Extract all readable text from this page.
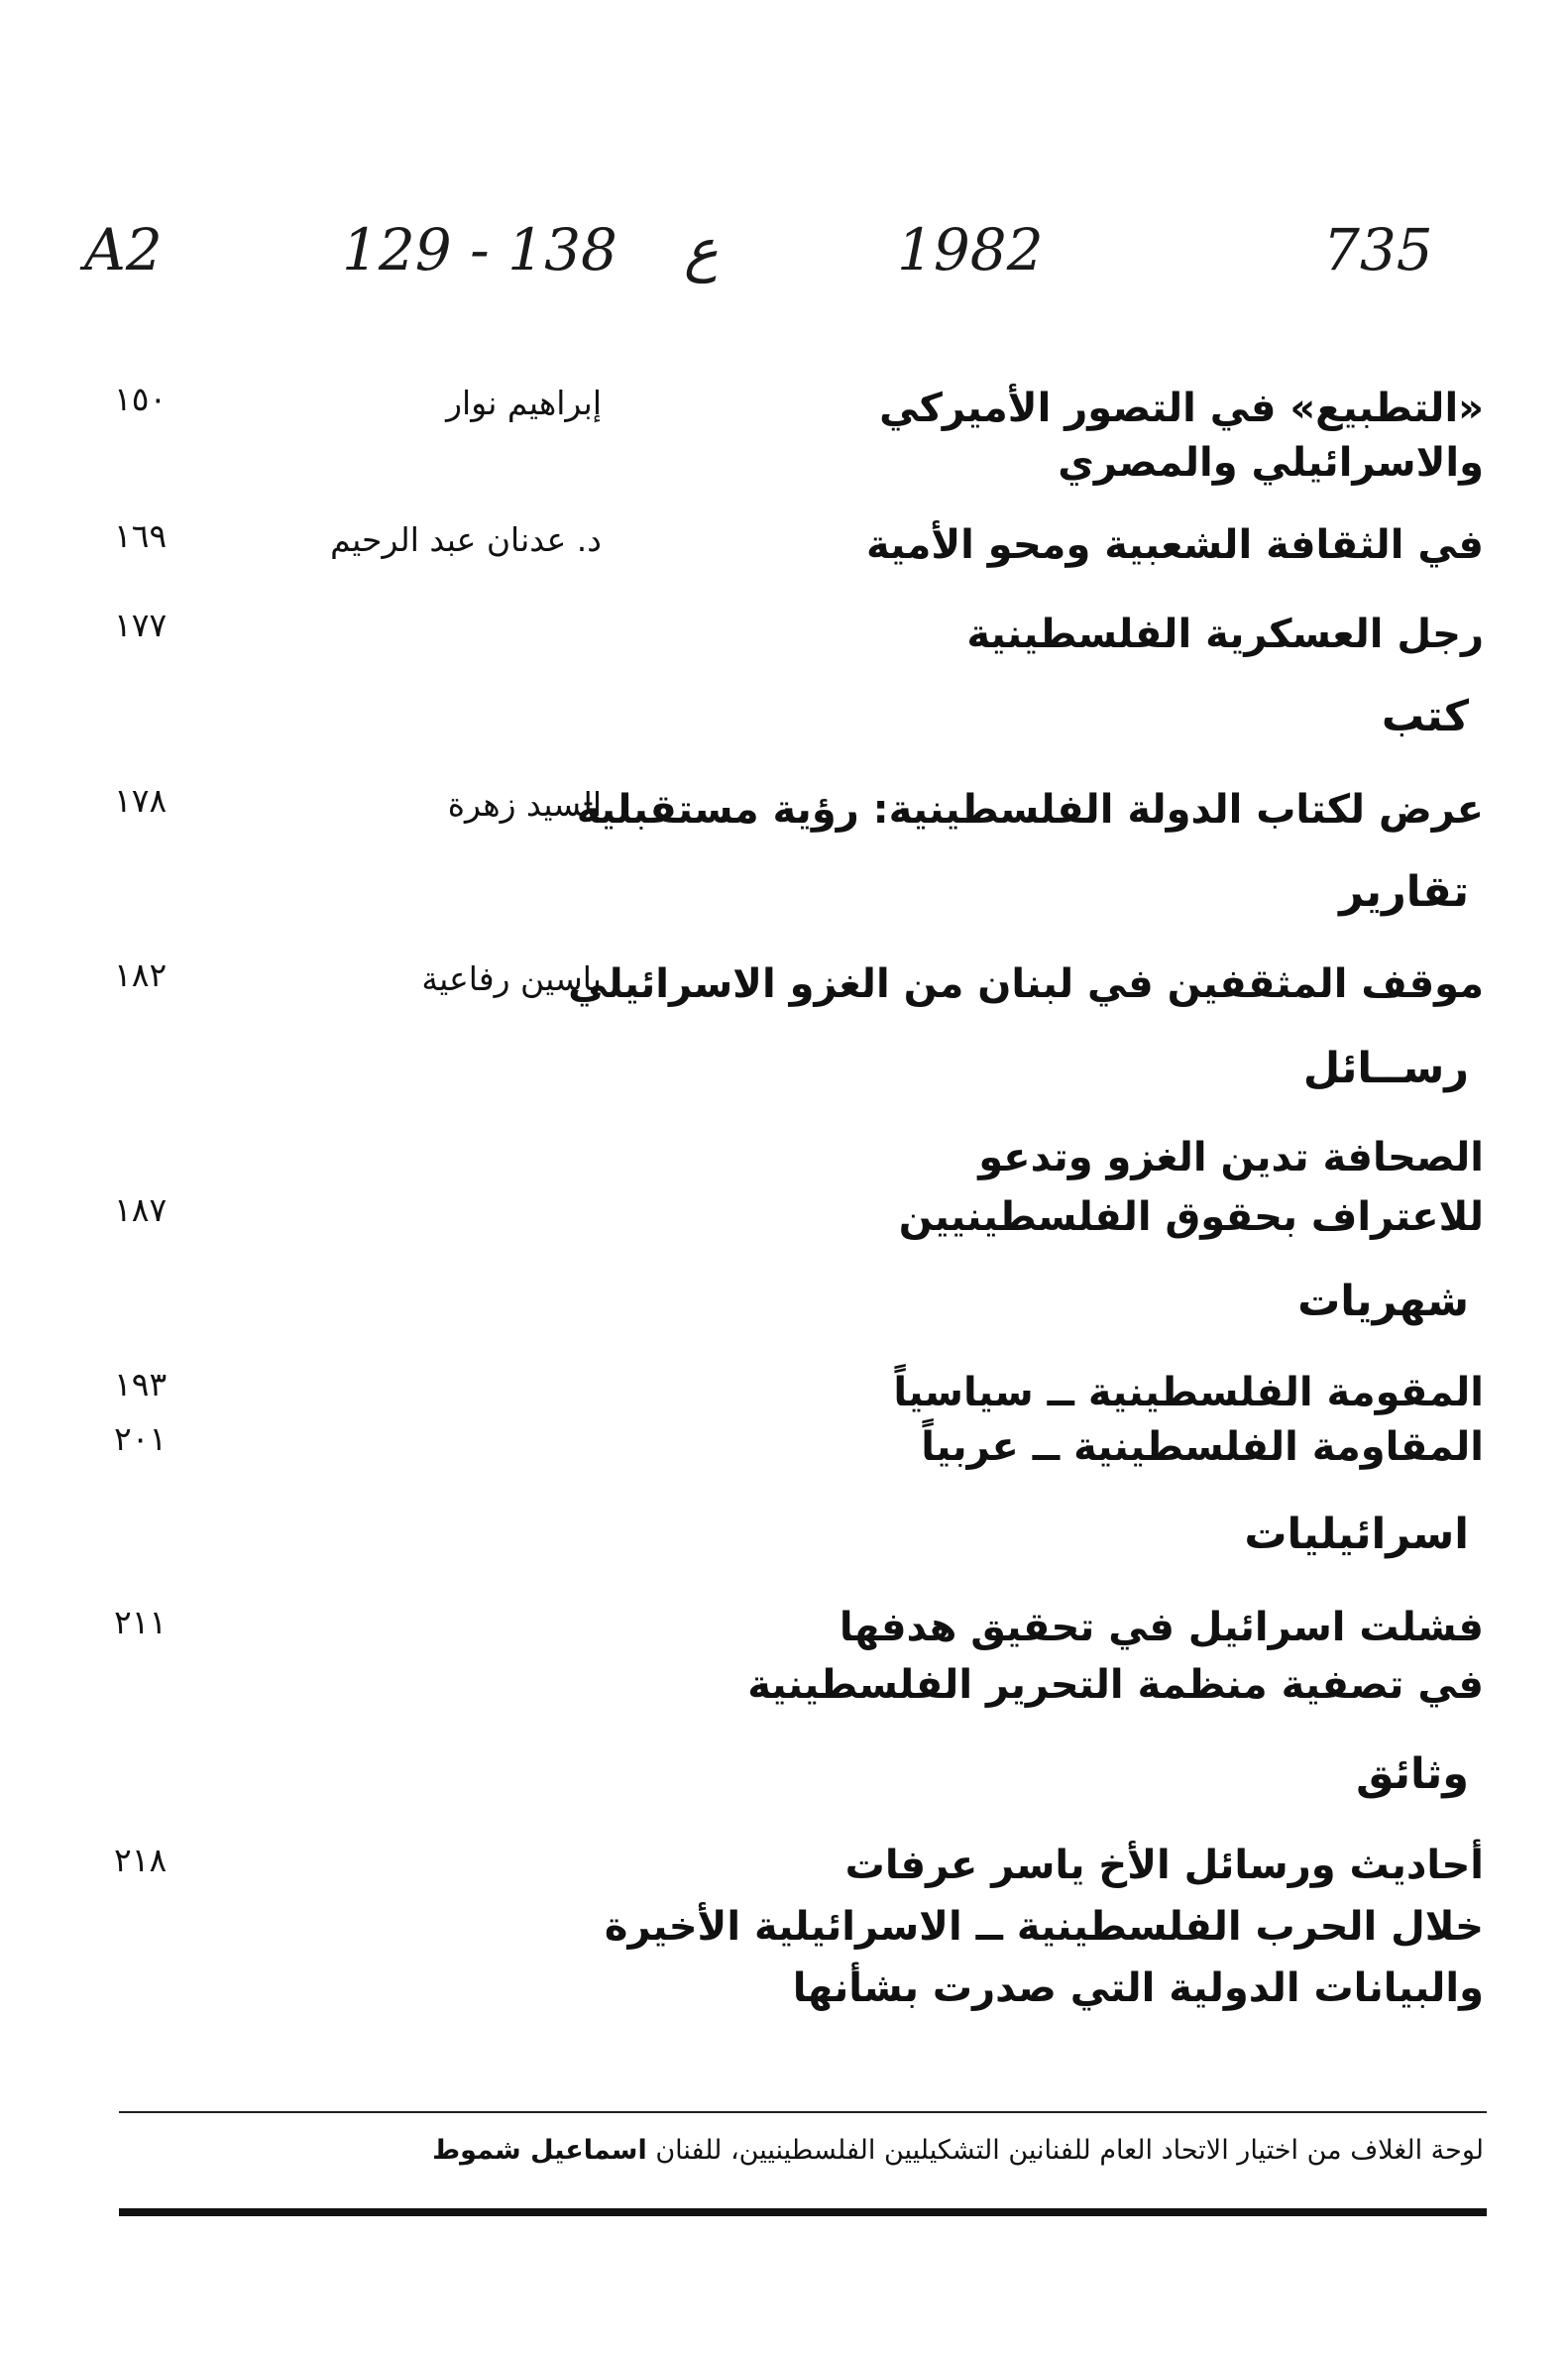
735
1982
ع
129 - 138
A2
«التطبيع» في التصور الأميركي
والاسرائيلي والمصري
إبراهيم نوار
١٥٠
في الثقافة الشعبية ومحو الأمية
د. عدنان عبد الرحيم
١٦٩
رجل العسكرية الفلسطينية
١٧٧
كتب
عرض لكتاب الدولة الفلسطينية: رؤية مستقبلية
السيد زهرة
١٧٨
تقارير
موقف المثقفين في لبنان من الغزو الاسرائيلي
ياسين رفاعية
١٨٢
رســائل
الصحافة تدين الغزو وتدعو
للاعتراف بحقوق الفلسطينيين
١٨٧
شهريات
المقومة الفلسطينية ــ سياسياً
١٩٣
المقاومة الفلسطينية ــ عربياً
٢٠١
اسرائيليات
فشلت اسرائيل في تحقيق هدفها
في تصفية منظمة التحرير الفلسطينية
٢١١
وثائق
أحاديث ورسائل الأخ ياسر عرفات
خلال الحرب الفلسطينية ــ الاسرائيلية الأخيرة
والبيانات الدولية التي صدرت بشأنها
٢١٨
لوحة الغلاف من اختيار الاتحاد العام للفنانين التشكيليين الفلسطينيين، للفنان اسماعيل شموط
